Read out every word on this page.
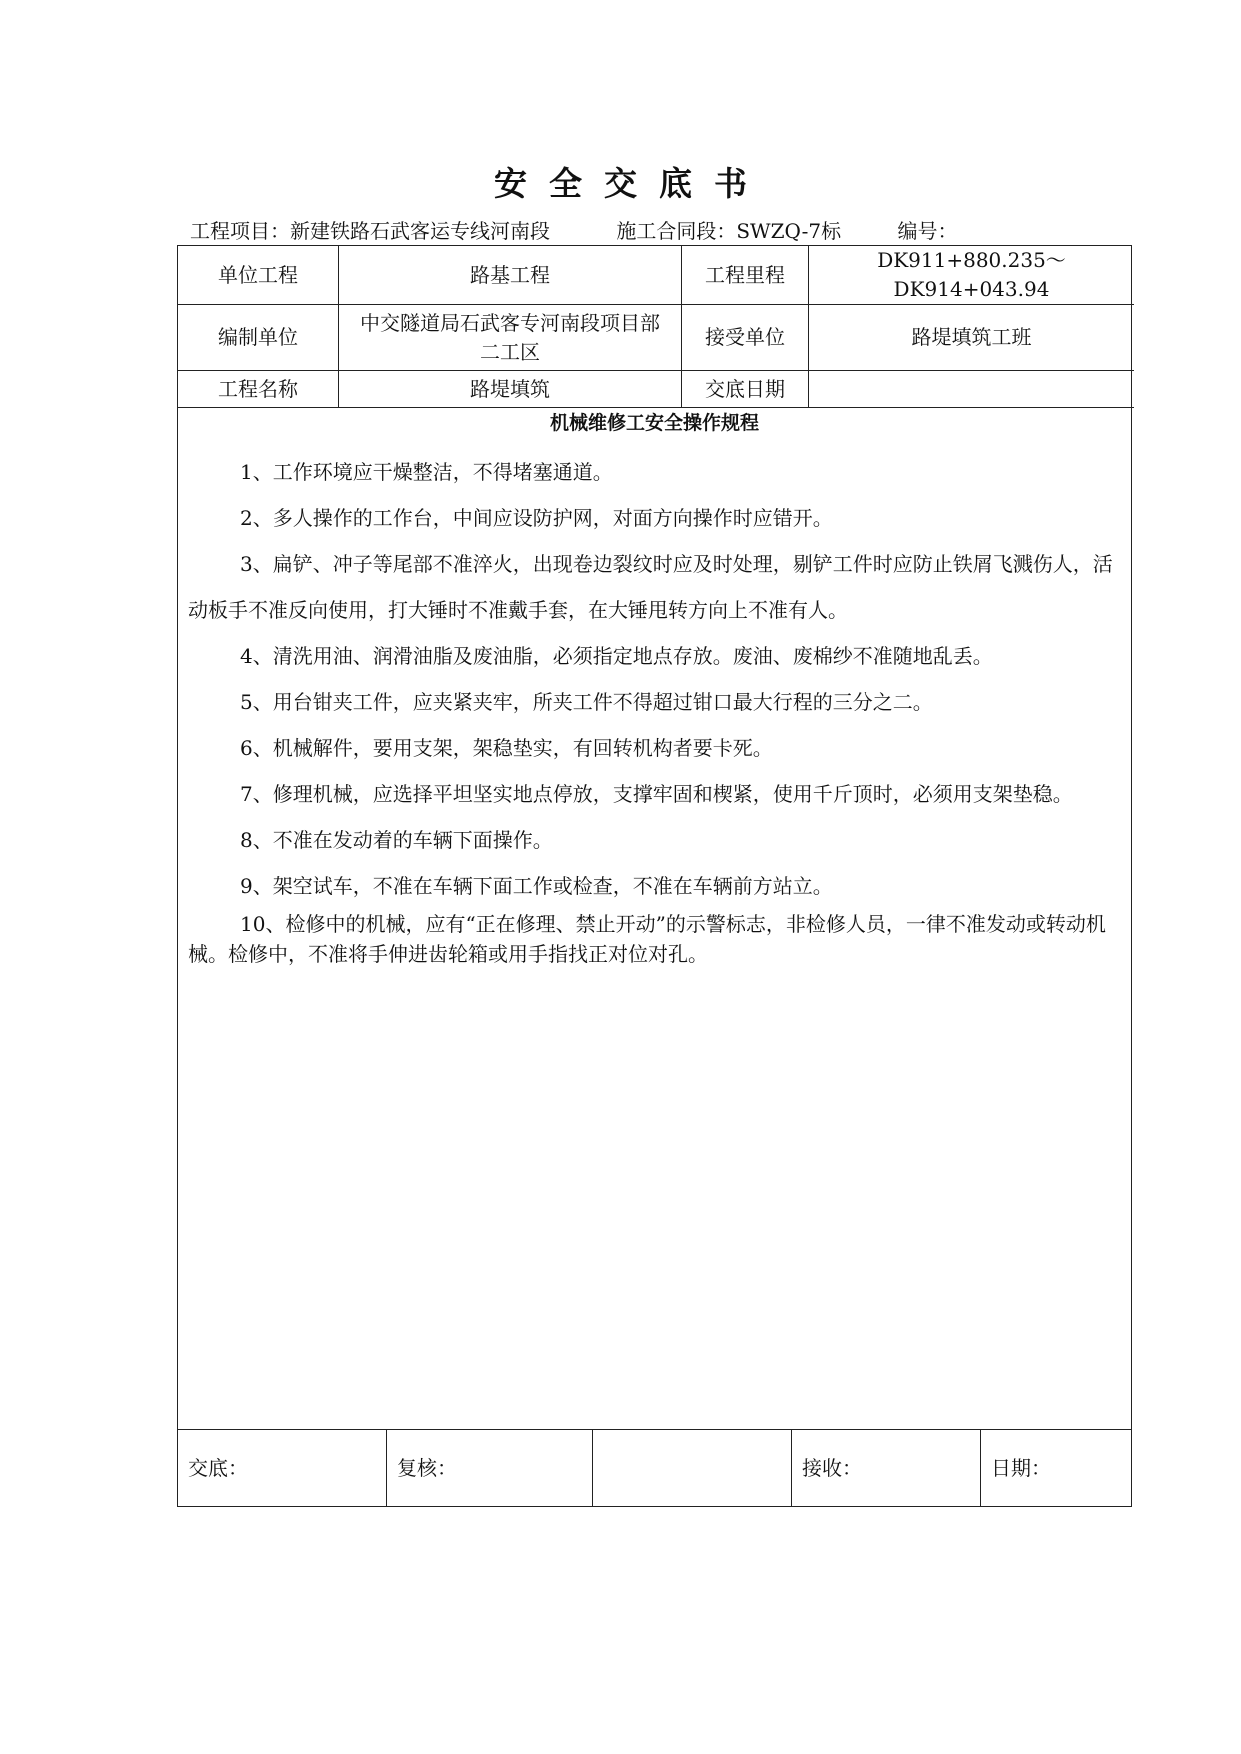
安全交底书
工程项目：新建铁路石武客运专线河南段	施工合同段：SWZQ-7标	编号：
单位工程	路基工程	工程里程	DK911+880.235～DK914+043.94
编制单位	中交隧道局石武客专河南段项目部二工区	接受单位	路堤填筑工班
工程名称	路堤填筑	交底日期	
机械维修工安全操作规程

1、工作环境应干燥整洁，不得堵塞通道。

2、多人操作的工作台，中间应设防护网，对面方向操作时应错开。

3、扁铲、冲子等尾部不准淬火，出现卷边裂纹时应及时处理，剔铲工件时应防止铁屑飞溅伤人，活动板手不准反向使用，打大锤时不准戴手套，在大锤甩转方向上不准有人。

4、清洗用油、润滑油脂及废油脂，必须指定地点存放。废油、废棉纱不准随地乱丢。

5、用台钳夹工件，应夹紧夹牢，所夹工件不得超过钳口最大行程的三分之二。

6、机械解件，要用支架，架稳垫实，有回转机构者要卡死。

7、修理机械，应选择平坦坚实地点停放，支撑牢固和楔紧，使用千斤顶时，必须用支架垫稳。

8、不准在发动着的车辆下面操作。

9、架空试车，不准在车辆下面工作或检查，不准在车辆前方站立。

10、检修中的机械，应有“正在修理、禁止开动”的示警标志，非检修人员，一律不准发动或转动机械。检修中，不准将手伸进齿轮箱或用手指找正对位对孔。

交底：	复核：	接收：	日期：
